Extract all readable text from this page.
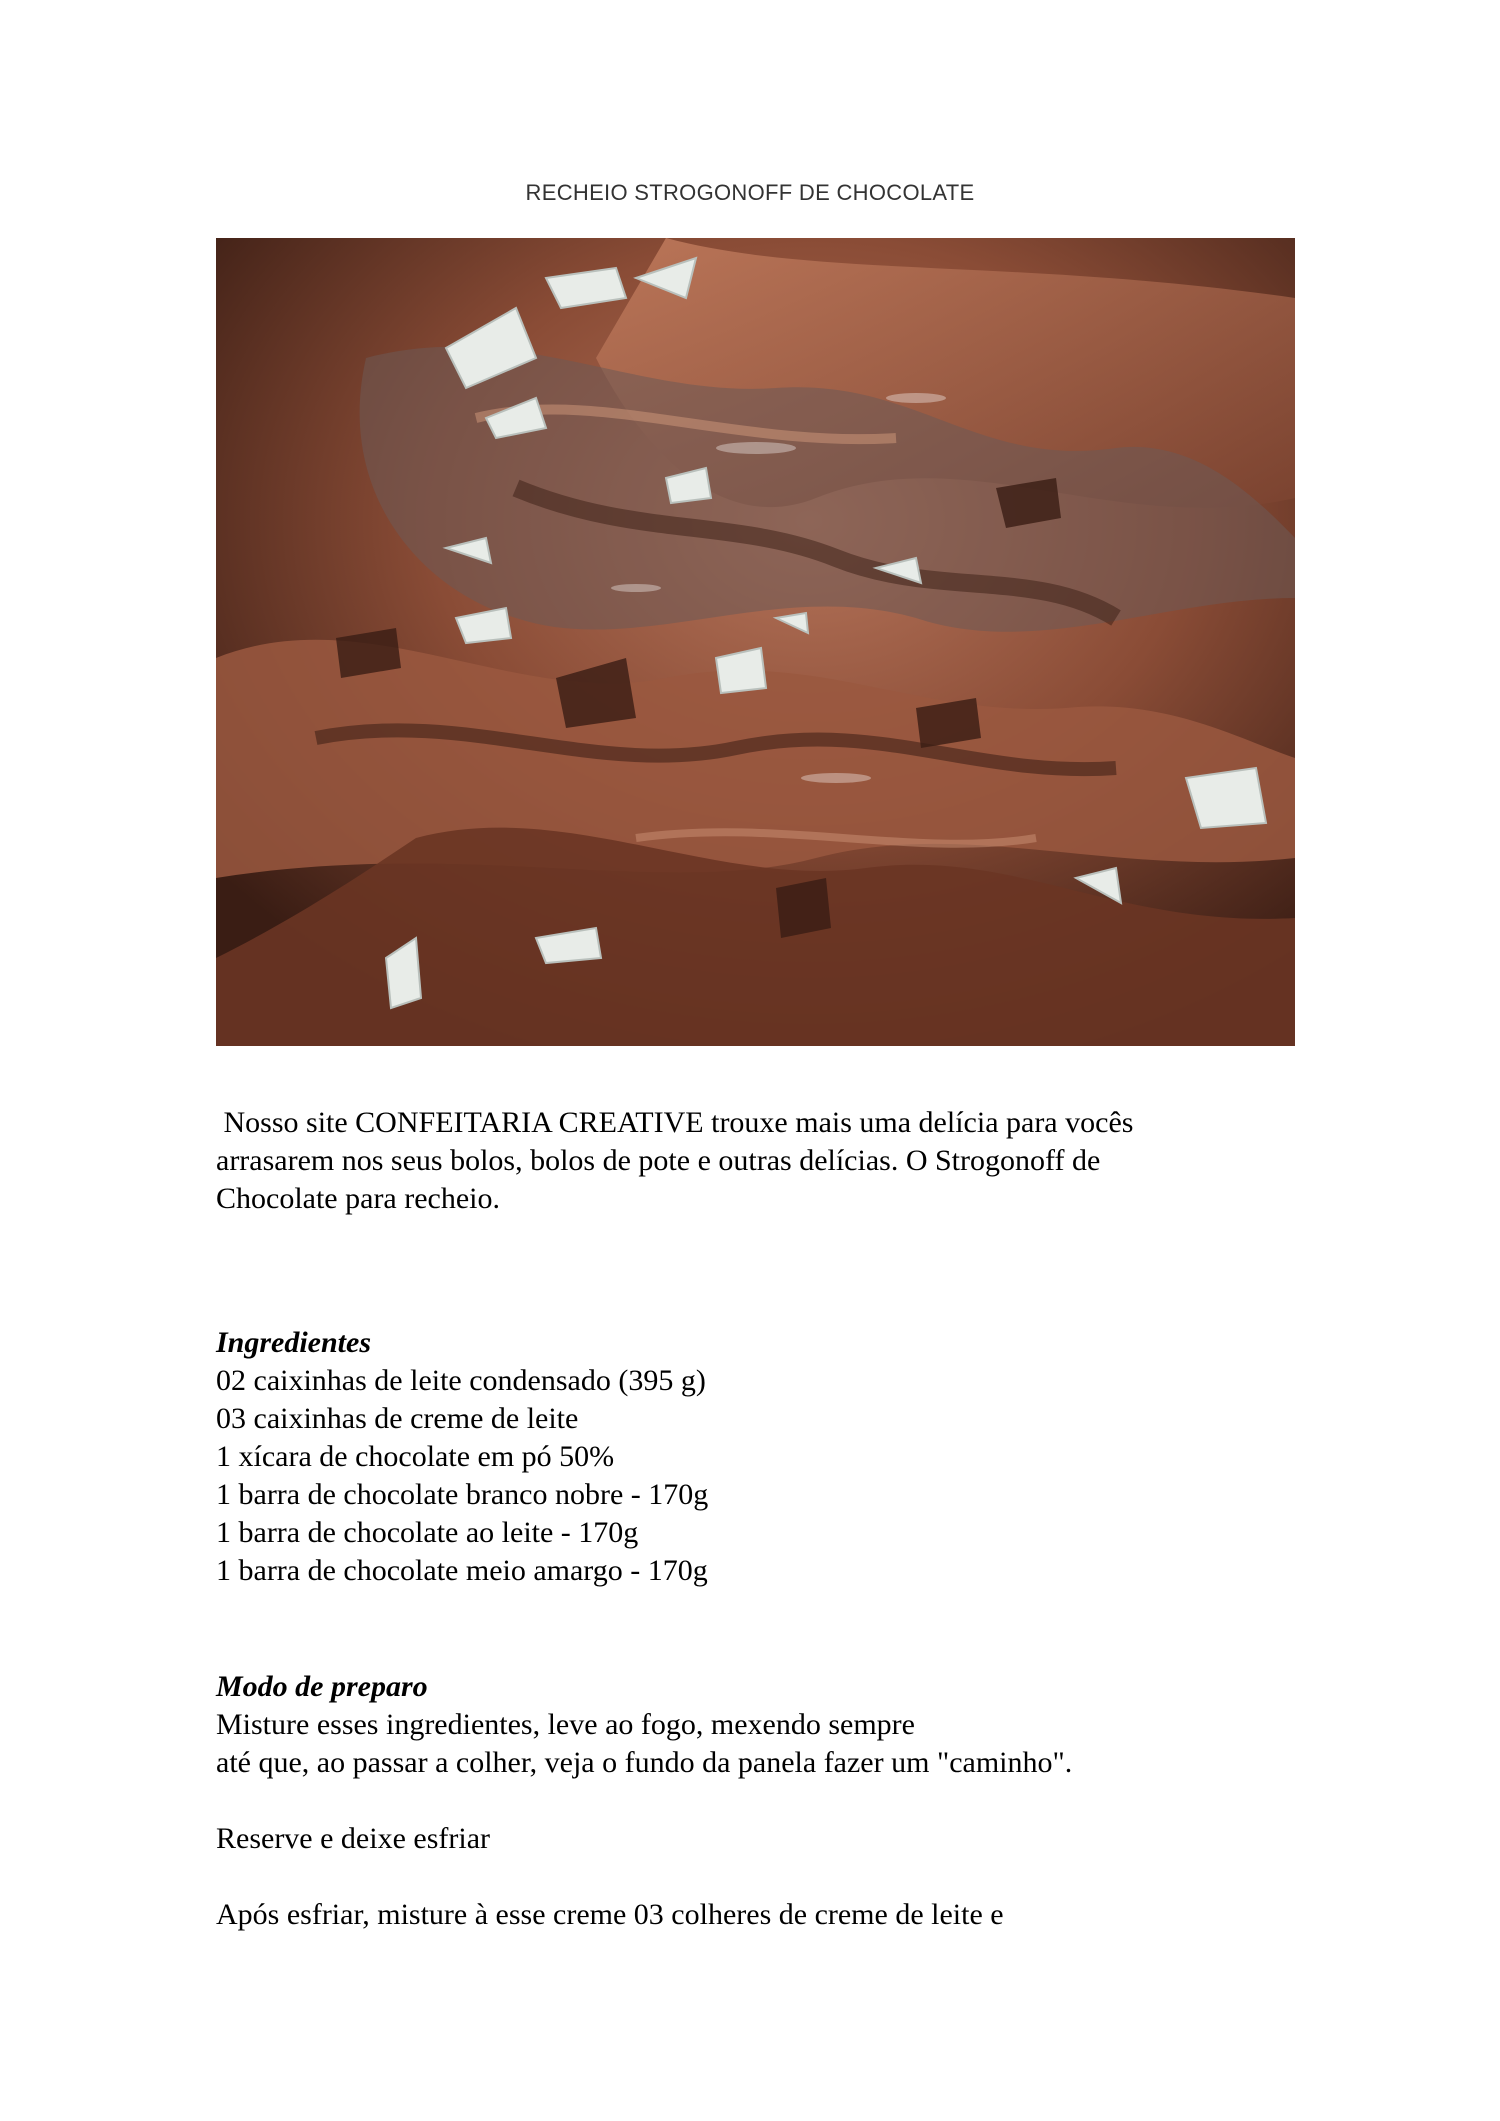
RECHEIO STROGONOFF DE CHOCOLATE
Nosso site CONFEITARIA CREATIVE trouxe mais uma delícia para vocês
arrasarem nos seus bolos, bolos de pote e outras delícias. O Strogonoff de
Chocolate para recheio.
Ingredientes
02 caixinhas de leite condensado (395 g)
03 caixinhas de creme de leite
1 xícara de chocolate em pó 50%
1 barra de chocolate branco nobre - 170g
1 barra de chocolate ao leite - 170g
1 barra de chocolate meio amargo - 170g
Modo de preparo
Misture esses ingredientes, leve ao fogo, mexendo sempre
até que, ao passar a colher, veja o fundo da panela fazer um "caminho".
Reserve e deixe esfriar
Após esfriar, misture à esse creme 03 colheres de creme de leite e
